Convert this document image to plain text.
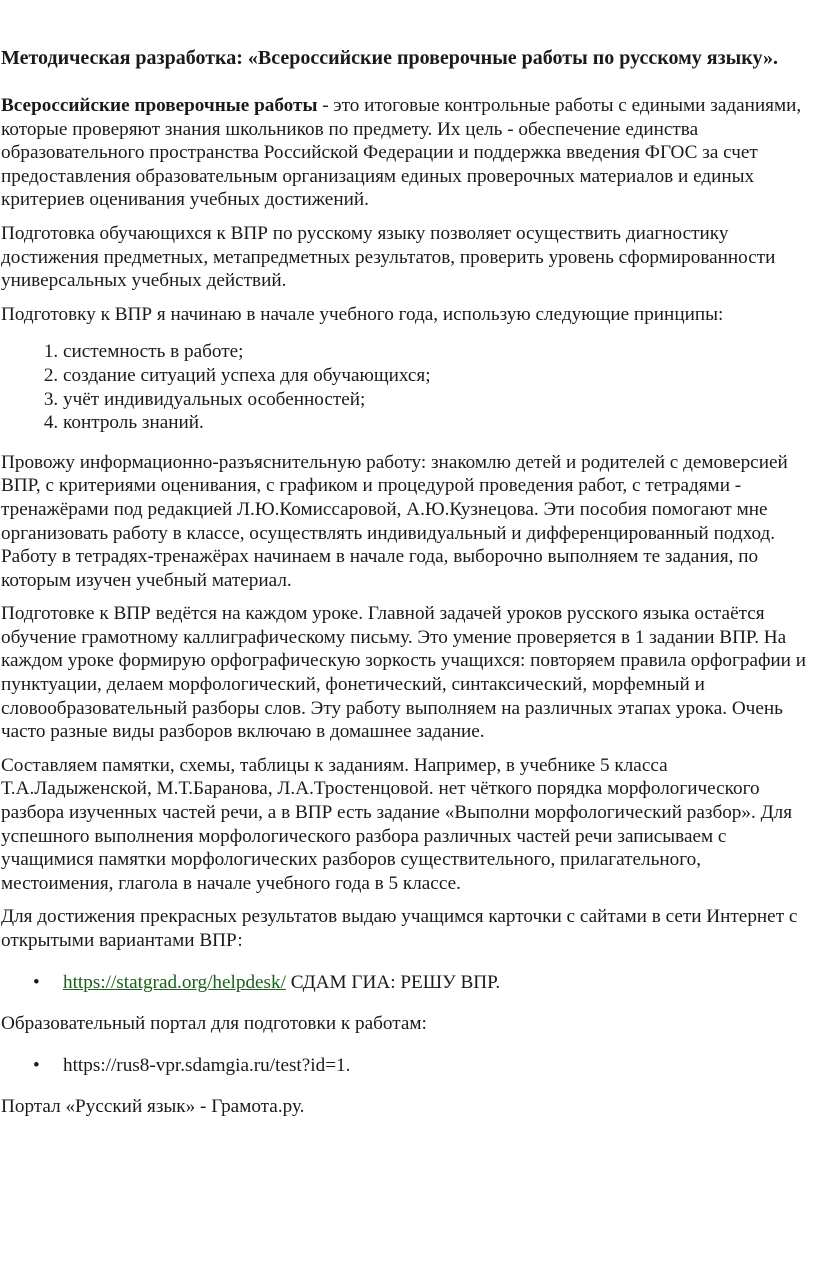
Методическая разработка: «Всероссийские проверочные работы по русскому языку».

Всероссийские проверочные работы - это итоговые контрольные работы с едиными заданиями, которые проверяют знания школьников по предмету. Их цель - обеспечение единства образовательного пространства Российской Федерации и поддержка введения ФГОС за счет предоставления образовательным организациям единых проверочных материалов и единых критериев оценивания учебных достижений.

Подготовка обучающихся к ВПР по русскому языку позволяет осуществить диагностику достижения предметных, метапредметных результатов, проверить уровень сформированности универсальных учебных действий.

Подготовку к ВПР я начинаю в начале учебного года, использую следующие принципы:

1. системность в работе;
2. создание ситуаций успеха для обучающихся;
3. учёт индивидуальных особенностей;
4. контроль знаний.

Провожу информационно-разъяснительную работу: знакомлю детей и родителей с демоверсией ВПР, с критериями оценивания, с графиком и процедурой проведения работ, с тетрадями - тренажёрами под редакцией Л.Ю.Комиссаровой, А.Ю.Кузнецова. Эти пособия помогают мне организовать работу в классе, осуществлять индивидуальный и дифференцированный подход. Работу в тетрадях-тренажёрах начинаем в начале года, выборочно выполняем те задания, по которым изучен учебный материал.

Подготовке к ВПР ведётся на каждом уроке. Главной задачей уроков русского языка остаётся обучение грамотному каллиграфическому письму. Это умение проверяется в 1 задании ВПР. На каждом уроке формирую орфографическую зоркость учащихся: повторяем правила орфографии и пунктуации, делаем морфологический, фонетический, синтаксический, морфемный и словообразовательный разборы слов. Эту работу выполняем на различных этапах урока. Очень часто разные виды разборов включаю в домашнее задание.

Составляем памятки, схемы, таблицы к заданиям. Например, в учебнике 5 класса Т.А.Ладыженской, М.Т.Баранова, Л.А.Тростенцовой. нет чёткого порядка морфологического разбора изученных частей речи, а в ВПР есть задание «Выполни морфологический разбор». Для успешного выполнения морфологического разбора различных частей речи записываем с учащимися памятки морфологических разборов существительного, прилагательного, местоимения, глагола в начале учебного года в 5 классе.

Для достижения прекрасных результатов выдаю учащимся карточки с сайтами в сети Интернет с открытыми вариантами ВПР:

• https://statgrad.org/helpdesk/ СДАМ ГИА: РЕШУ ВПР.

Образовательный портал для подготовки к работам:

• https://rus8-vpr.sdamgia.ru/test?id=1.

Портал «Русский язык» - Грамота.ру.
